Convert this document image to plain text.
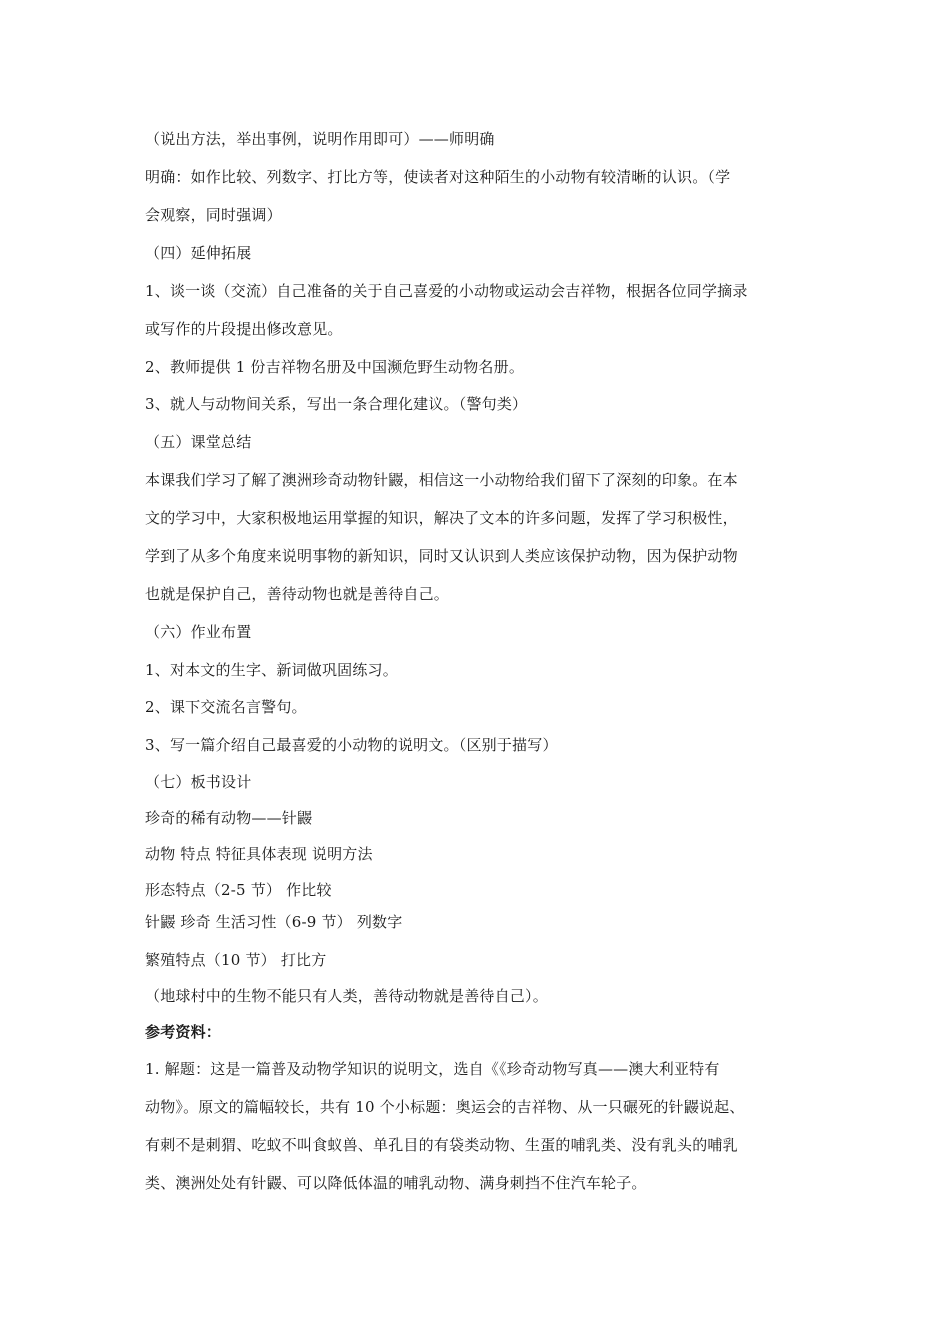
（说出方法，举出事例，说明作用即可）——师明确
明确：如作比较、列数字、打比方等，使读者对这种陌生的小动物有较清晰的认识。（学
会观察，同时强调）
（四）延伸拓展
1、谈一谈（交流）自己准备的关于自己喜爱的小动物或运动会吉祥物，根据各位同学摘录
或写作的片段提出修改意见。
2、教师提供 1 份吉祥物名册及中国濒危野生动物名册。
3、就人与动物间关系，写出一条合理化建议。（警句类）
（五）课堂总结
本课我们学习了解了澳洲珍奇动物针鼹，相信这一小动物给我们留下了深刻的印象。在本
文的学习中，大家积极地运用掌握的知识，解决了文本的许多问题，发挥了学习积极性，
学到了从多个角度来说明事物的新知识，同时又认识到人类应该保护动物，因为保护动物
也就是保护自己，善待动物也就是善待自己。
（六）作业布置
1、对本文的生字、新词做巩固练习。
2、课下交流名言警句。
3、写一篇介绍自己最喜爱的小动物的说明文。（区别于描写）
（七）板书设计
珍奇的稀有动物——针鼹
动物 特点 特征具体表现 说明方法
形态特点（2-5 节） 作比较
针鼹 珍奇 生活习性（6-9 节） 列数字
繁殖特点（10 节） 打比方
（地球村中的生物不能只有人类，善待动物就是善待自己）。
参考资料：
1. 解题：这是一篇普及动物学知识的说明文，选自《《珍奇动物写真——澳大利亚特有
动物》。原文的篇幅较长，共有 10 个小标题：奥运会的吉祥物、从一只碾死的针鼹说起、
有刺不是刺猬、吃蚁不叫食蚁兽、单孔目的有袋类动物、生蛋的哺乳类、没有乳头的哺乳
类、澳洲处处有针鼹、可以降低体温的哺乳动物、满身刺挡不住汽车轮子。
